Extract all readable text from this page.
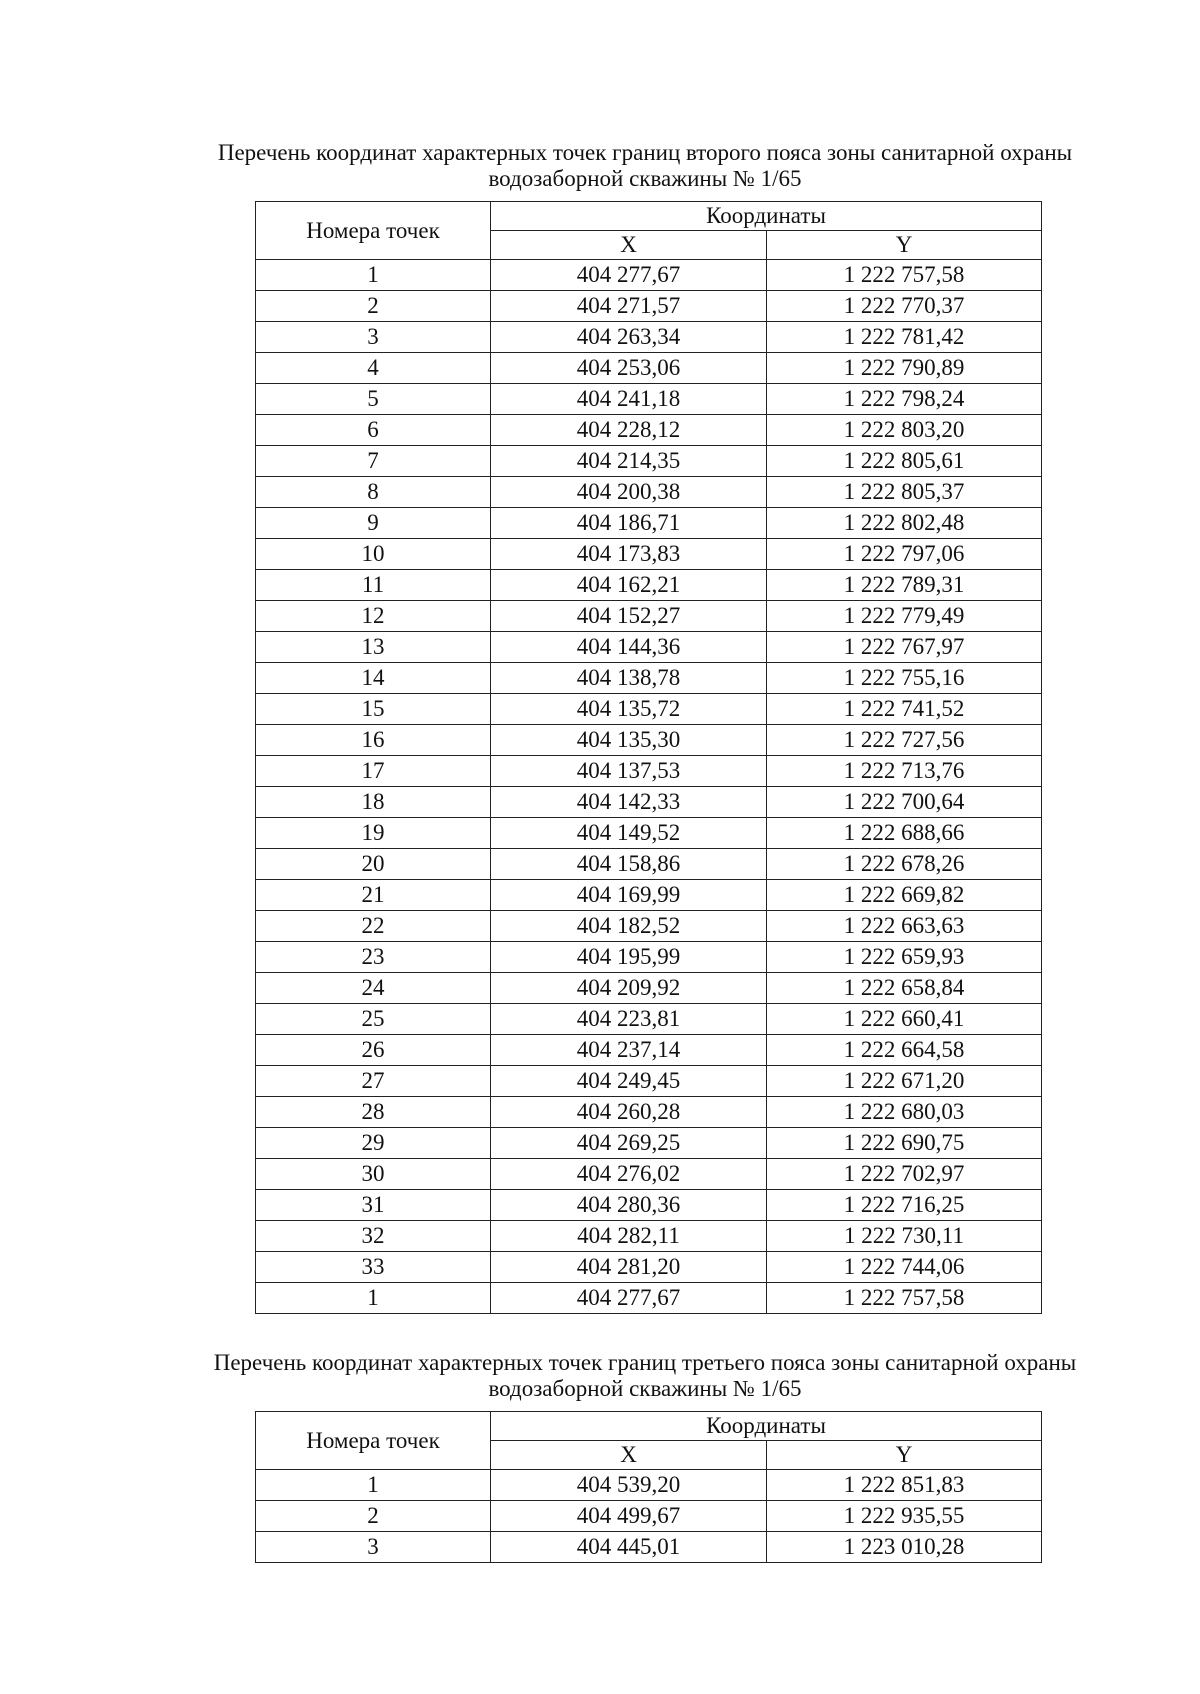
Перечень координат характерных точек границ второго пояса зоны санитарной охраны водозаборной скважины № 1/65
Номера точек	Координаты	
	X	Y
1	404 277,67	1 222 757,58
2	404 271,57	1 222 770,37
3	404 263,34	1 222 781,42
4	404 253,06	1 222 790,89
5	404 241,18	1 222 798,24
6	404 228,12	1 222 803,20
7	404 214,35	1 222 805,61
8	404 200,38	1 222 805,37
9	404 186,71	1 222 802,48
10	404 173,83	1 222 797,06
11	404 162,21	1 222 789,31
12	404 152,27	1 222 779,49
13	404 144,36	1 222 767,97
14	404 138,78	1 222 755,16
15	404 135,72	1 222 741,52
16	404 135,30	1 222 727,56
17	404 137,53	1 222 713,76
18	404 142,33	1 222 700,64
19	404 149,52	1 222 688,66
20	404 158,86	1 222 678,26
21	404 169,99	1 222 669,82
22	404 182,52	1 222 663,63
23	404 195,99	1 222 659,93
24	404 209,92	1 222 658,84
25	404 223,81	1 222 660,41
26	404 237,14	1 222 664,58
27	404 249,45	1 222 671,20
28	404 260,28	1 222 680,03
29	404 269,25	1 222 690,75
30	404 276,02	1 222 702,97
31	404 280,36	1 222 716,25
32	404 282,11	1 222 730,11
33	404 281,20	1 222 744,06
1	404 277,67	1 222 757,58
Перечень координат характерных точек границ третьего пояса зоны санитарной охраны водозаборной скважины № 1/65
Номера точек	Координаты	
	X	Y
1	404 539,20	1 222 851,83
2	404 499,67	1 222 935,55
3	404 445,01	1 223 010,28
